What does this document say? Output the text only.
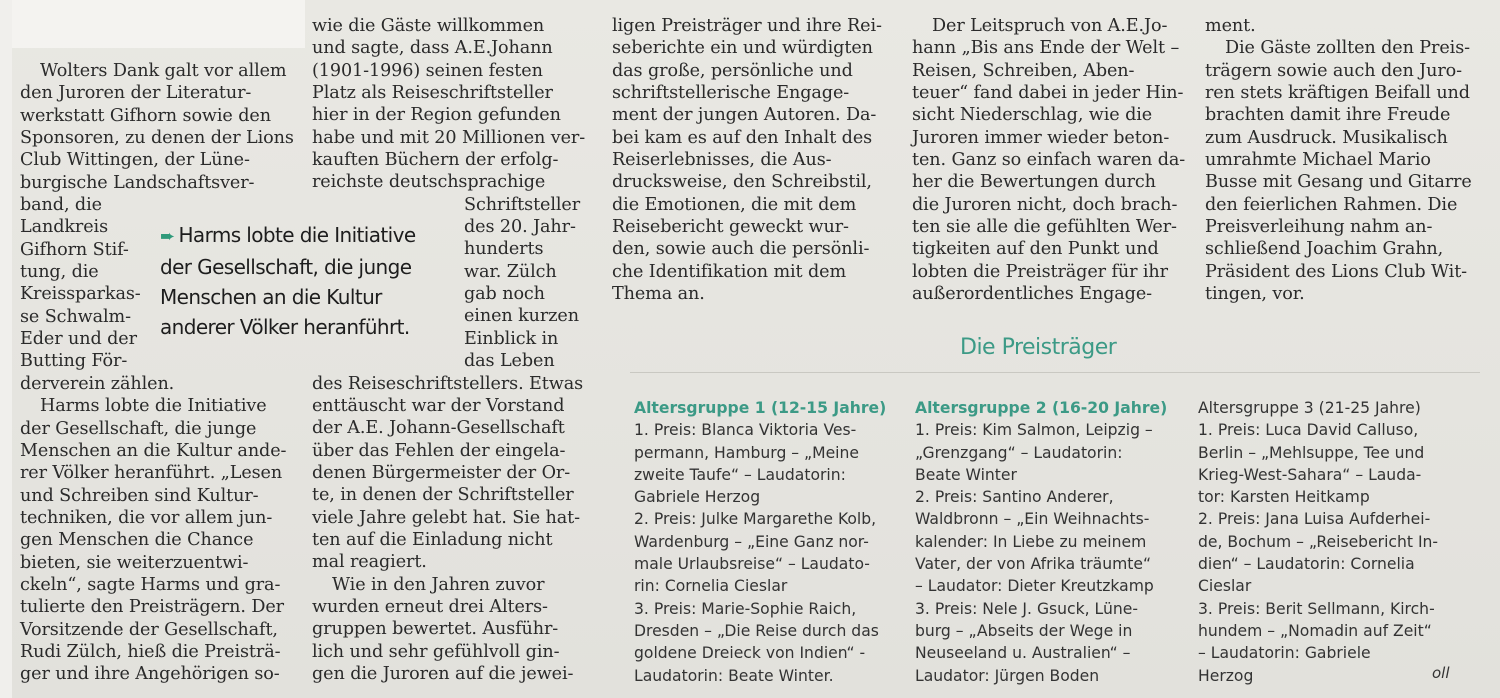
Wolters Dank galt vor allem
den Juroren der Literatur-
werkstatt Gifhorn sowie den
Sponsoren, zu denen der Lions
Club Wittingen, der Lüne-
burgische Landschaftsver-
band, die
Landkreis
Gifhorn Stif-
tung, die
Kreissparkas-
se Schwalm-
Eder und der
Butting För-
derverein zählen.
Harms lobte die Initiative
der Gesellschaft, die junge
Menschen an die Kultur ande-
rer Völker heranführt. „Lesen
und Schreiben sind Kultur-
techniken, die vor allem jun-
gen Menschen die Chance
bieten, sie weiterzuentwi-
ckeln“, sagte Harms und gra-
tulierte den Preisträgern. Der
Vorsitzende der Gesellschaft,
Rudi Zülch, hieß die Preisträ-
ger und ihre Angehörigen so-
➨ Harms lobte die Initiative
der Gesellschaft, die junge
Menschen an die Kultur
anderer Völker heranführt.
wie die Gäste willkommen
und sagte, dass A.E.Johann
(1901-1996) seinen festen
Platz als Reiseschriftsteller
hier in der Region gefunden
habe und mit 20 Millionen ver-
kauften Büchern der erfolg-
reichste deutschsprachige
Schriftsteller
des 20. Jahr-
hunderts
war. Zülch
gab noch
einen kurzen
Einblick in
das Leben
des Reiseschriftstellers. Etwas
enttäuscht war der Vorstand
der A.E. Johann-Gesellschaft
über das Fehlen der eingela-
denen Bürgermeister der Or-
te, in denen der Schriftsteller
viele Jahre gelebt hat. Sie hat-
ten auf die Einladung nicht
mal reagiert.
Wie in den Jahren zuvor
wurden erneut drei Alters-
gruppen bewertet. Ausführ-
lich und sehr gefühlvoll gin-
gen die Juroren auf die jewei-
ligen Preisträger und ihre Rei-
seberichte ein und würdigten
das große, persönliche und
schriftstellerische Engage-
ment der jungen Autoren. Da-
bei kam es auf den Inhalt des
Reiserlebnisses, die Aus-
drucksweise, den Schreibstil,
die Emotionen, die mit dem
Reisebericht geweckt wur-
den, sowie auch die persönli-
che Identifikation mit dem
Thema an.
Der Leitspruch von A.E.Jo-
hann „Bis ans Ende der Welt –
Reisen, Schreiben, Aben-
teuer“ fand dabei in jeder Hin-
sicht Niederschlag, wie die
Juroren immer wieder beton-
ten. Ganz so einfach waren da-
her die Bewertungen durch
die Juroren nicht, doch brach-
ten sie alle die gefühlten Wer-
tigkeiten auf den Punkt und
lobten die Preisträger für ihr
außerordentliches Engage-
ment.
Die Gäste zollten den Preis-
trägern sowie auch den Juro-
ren stets kräftigen Beifall und
brachten damit ihre Freude
zum Ausdruck. Musikalisch
umrahmte Michael Mario
Busse mit Gesang und Gitarre
den feierlichen Rahmen. Die
Preisverleihung nahm an-
schließend Joachim Grahn,
Präsident des Lions Club Wit-
tingen, vor.
Die Preisträger
Altersgruppe 1 (12-15 Jahre)
1. Preis: Blanca Viktoria Ves-
permann, Hamburg – „Meine
zweite Taufe“ – Laudatorin:
Gabriele Herzog
2. Preis: Julke Margarethe Kolb,
Wardenburg – „Eine Ganz nor-
male Urlaubsreise“ – Laudato-
rin: Cornelia Cieslar
3. Preis: Marie-Sophie Raich,
Dresden – „Die Reise durch das
goldene Dreieck von Indien“ -
Laudatorin: Beate Winter.
Altersgruppe 2 (16-20 Jahre)
1. Preis: Kim Salmon, Leipzig –
„Grenzgang“ – Laudatorin:
Beate Winter
2. Preis: Santino Anderer,
Waldbronn – „Ein Weihnachts-
kalender: In Liebe zu meinem
Vater, der von Afrika träumte“
– Laudator: Dieter Kreutzkamp
3. Preis: Nele J. Gsuck, Lüne-
burg – „Abseits der Wege in
Neuseeland u. Australien“ –
Laudator: Jürgen Boden
Altersgruppe 3 (21-25 Jahre)
1. Preis: Luca David Calluso,
Berlin – „Mehlsuppe, Tee und
Krieg-West-Sahara“ – Lauda-
tor: Karsten Heitkamp
2. Preis: Jana Luisa Aufderhei-
de, Bochum – „Reisebericht In-
dien“ – Laudatorin: Cornelia
Cieslar
3. Preis: Berit Sellmann, Kirch-
hundem – „Nomadin auf Zeit“
– Laudatorin: Gabriele
Herzog	oll
